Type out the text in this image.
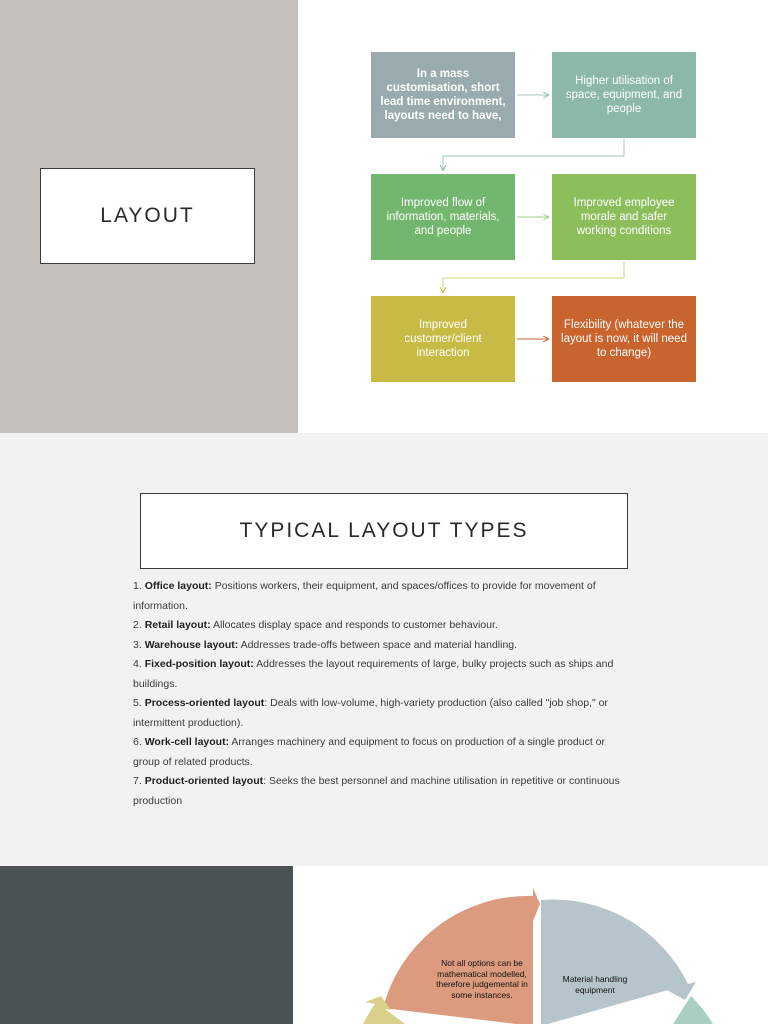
LAYOUT
In a mass customisation, short lead time environment, layouts need to have,
Higher utilisation of space, equipment, and people
Improved flow of information, materials, and people
Improved employee morale and safer working conditions
Improved customer/client interaction
Flexibility (whatever the layout is now, it will need to change)
TYPICAL LAYOUT TYPES

1. Office layout: Positions workers, their equipment, and spaces/offices to provide for movement of information.

2. Retail layout: Allocates display space and responds to customer behaviour.

3. Warehouse layout: Addresses trade-offs between space and material handling.

4. Fixed-position layout: Addresses the layout requirements of large, bulky projects such as ships and buildings.

5. Process-oriented layout: Deals with low-volume, high-variety production (also called "job shop," or intermittent production).

6. Work-cell layout: Arranges machinery and equipment to focus on production of a single product or group of related products.

7. Product-oriented layout: Seeks the best personnel and machine utilisation in repetitive or continuous production

Not all options can be mathematical modelled, therefore judgemental in some instances.
Material handling equipment
